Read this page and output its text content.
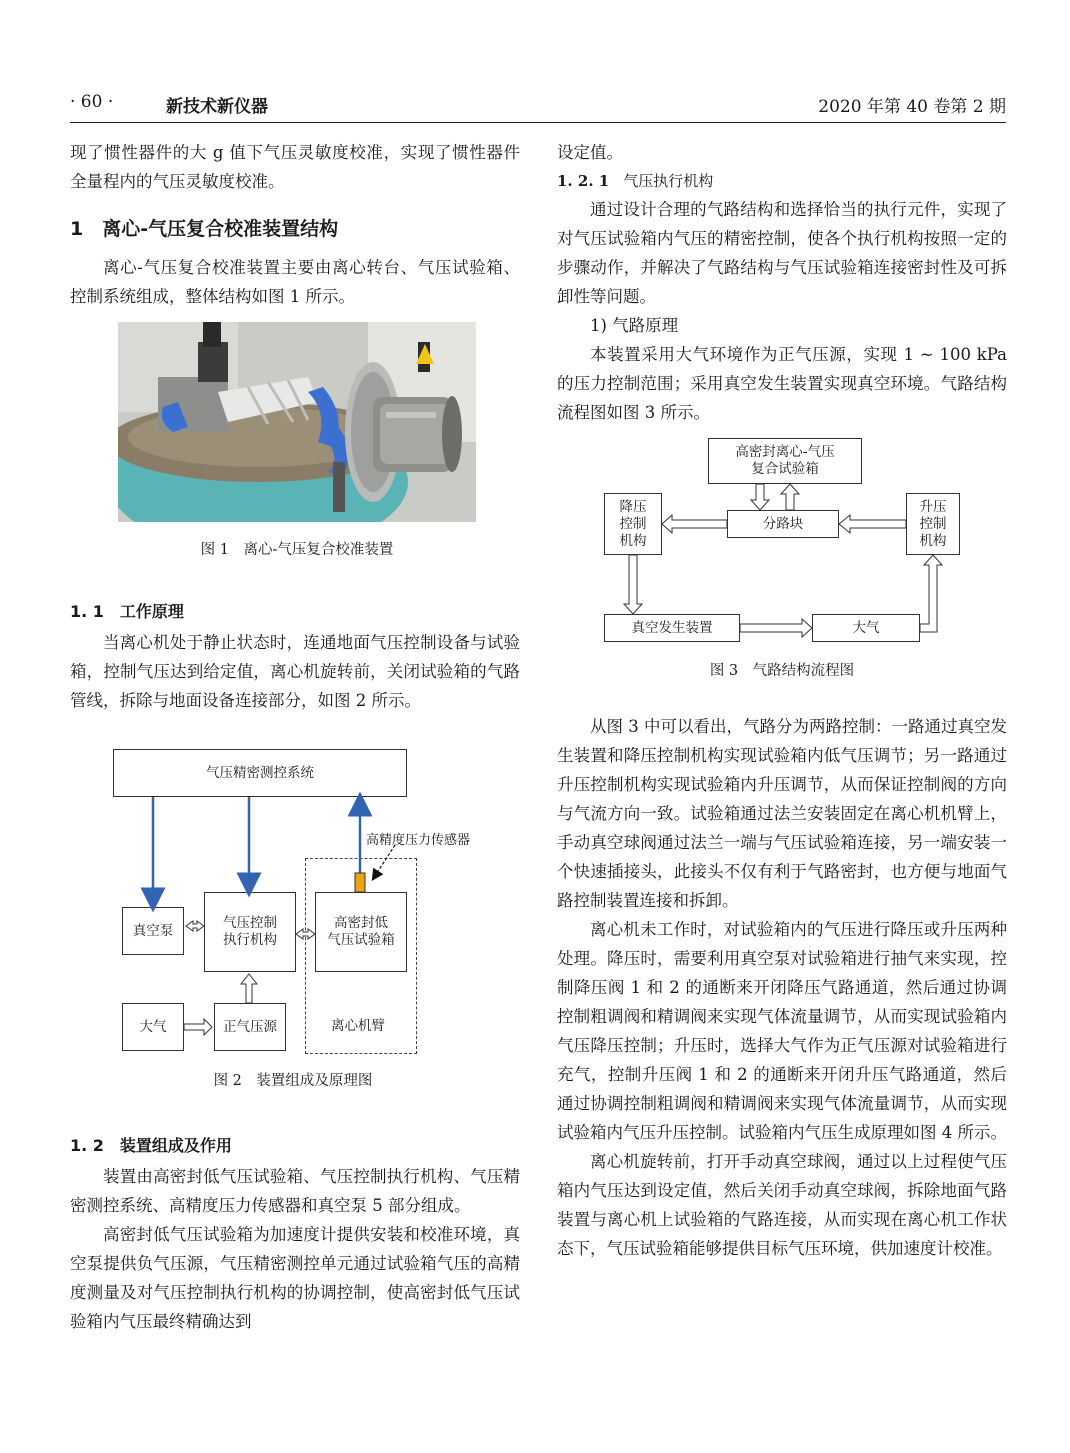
· 60 ·	新技术新仪器	2020 年第 40 卷第 2 期

现了惯性器件的大 g 值下气压灵敏度校准，实现了惯性器件全量程内的气压灵敏度校准。

1　离心-气压复合校准装置结构

离心-气压复合校准装置主要由离心转台、气压试验箱、控制系统组成，整体结构如图 1 所示。

图 1　离心-气压复合校准装置
1. 1　工作原理

当离心机处于静止状态时，连通地面气压控制设备与试验箱，控制气压达到给定值，离心机旋转前，关闭试验箱的气路管线，拆除与地面设备连接部分，如图 2 所示。

气压精密测控系统
高精度压力传感器
真空泵	气压控制
执行机构
高密封低
气压试验箱
大气	正气压源	离心机臂
图 2　装置组成及原理图
1. 2　装置组成及作用

装置由高密封低气压试验箱、气压控制执行机构、气压精密测控系统、高精度压力传感器和真空泵 5 部分组成。

高密封低气压试验箱为加速度计提供安装和校准环境，真空泵提供负气压源，气压精密测控单元通过试验箱气压的高精度测量及对气压控制执行机构的协调控制，使高密封低气压试验箱内气压最终精确达到

设定值。

1. 2. 1 气压执行机构

通过设计合理的气路结构和选择恰当的执行元件，实现了对气压试验箱内气压的精密控制，使各个执行机构按照一定的步骤动作，并解决了气路结构与气压试验箱连接密封性及可拆卸性等问题。

1) 气路原理

本装置采用大气环境作为正气压源，实现 1 ~ 100 kPa 的压力控制范围；采用真空发生装置实现真空环境。气路结构流程图如图 3 所示。

高密封离心-气压
复合试验箱
降压
控制
机构
分路块
升压
控制
机构
真空发生装置	大气
图 3　气路结构流程图

从图 3 中可以看出，气路分为两路控制：一路通过真空发生装置和降压控制机构实现试验箱内低气压调节；另一路通过升压控制机构实现试验箱内升压调节，从而保证控制阀的方向与气流方向一致。试验箱通过法兰安装固定在离心机机臂上，手动真空球阀通过法兰一端与气压试验箱连接，另一端安装一个快速插接头，此接头不仅有利于气路密封，也方便与地面气路控制装置连接和拆卸。

离心机未工作时，对试验箱内的气压进行降压或升压两种处理。降压时，需要利用真空泵对试验箱进行抽气来实现，控制降压阀 1 和 2 的通断来开闭降压气路通道，然后通过协调控制粗调阀和精调阀来实现气体流量调节，从而实现试验箱内气压降压控制；升压时，选择大气作为正气压源对试验箱进行充气，控制升压阀 1 和 2 的通断来开闭升压气路通道，然后通过协调控制粗调阀和精调阀来实现气体流量调节，从而实现试验箱内气压升压控制。试验箱内气压生成原理如图 4 所示。

离心机旋转前，打开手动真空球阀，通过以上过程使气压箱内气压达到设定值，然后关闭手动真空球阀，拆除地面气路装置与离心机上试验箱的气路连接，从而实现在离心机工作状态下，气压试验箱能够提供目标气压环境，供加速度计校准。
